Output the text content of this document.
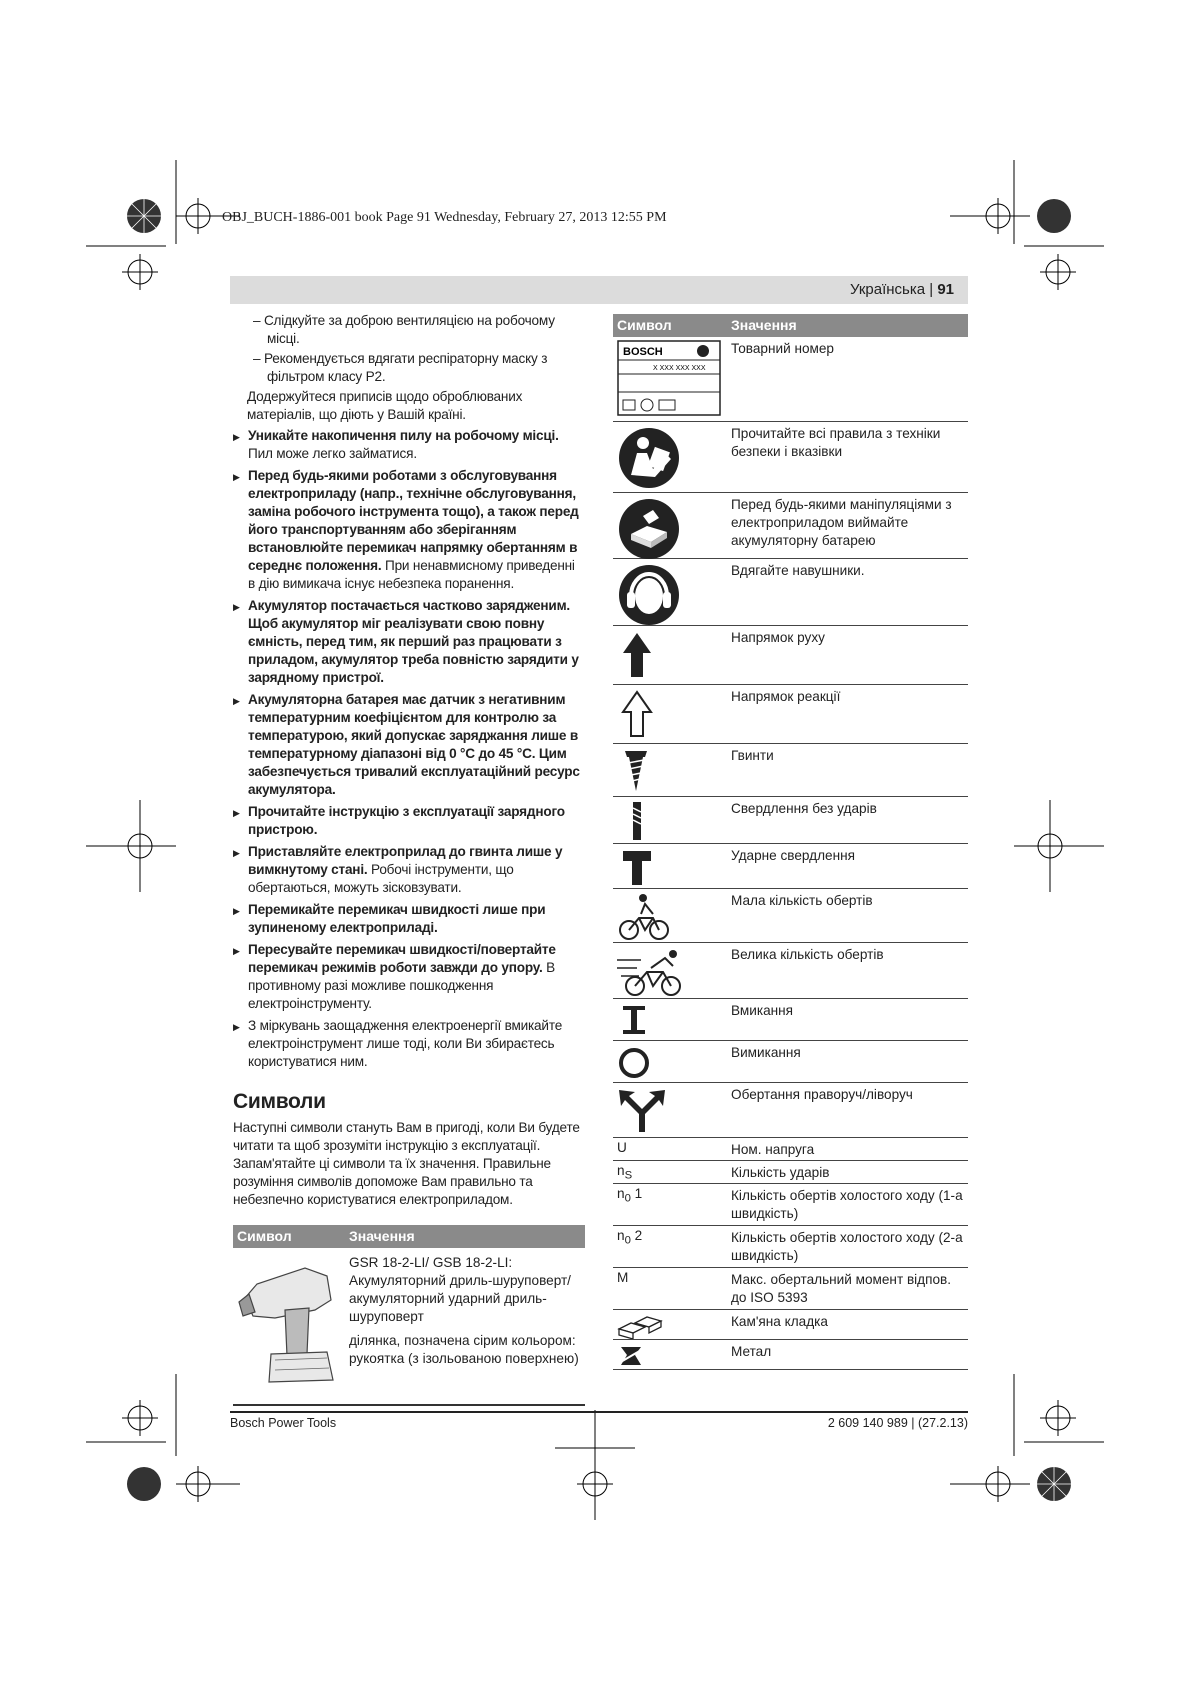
OBJ_BUCH-1886-001 book Page 91 Wednesday, February 27, 2013 12:55 PM
Українська | 91

– Слідкуйте за доброю вентиляцією на робочому місці.

– Рекомендується вдягати респіраторну маску з фільтром класу Р2.

Додержуйтеся приписів щодо оброблюваних матеріалів, що діють у Вашій країні.

▶ Уникайте накопичення пилу на робочому місці. Пил може легко займатися.

▶ Перед будь-якими роботами з обслуговування електроприладу (напр., технічне обслуговування, заміна робочого інструмента тощо), а також перед його транспортуванням або зберіганням встановлюйте перемикач напрямку обертанням в середнє положення. При ненавмисному приведенні в дію вимикача існує небезпека поранення.

▶ Акумулятор постачається частково зарядженим. Щоб акумулятор міг реалізувати свою повну ємність, перед тим, як перший раз працювати з приладом, акумулятор треба повністю зарядити у зарядному пристрої.

▶ Акумуляторна батарея має датчик з негативним температурним коефіцієнтом для контролю за температурою, який допускає заряджання лише в температурному діапазоні від 0 °C до 45 °C. Цим забезпечується тривалий експлуатаційний ресурс акумулятора.

▶ Прочитайте інструкцію з експлуатації зарядного пристрою.

▶ Приставляйте електроприлад до гвинта лише у вимкнутому стані. Робочі інструменти, що обертаються, можуть зісковзувати.

▶ Перемикайте перемикач швидкості лише при зупиненому електроприладі.

▶ Пересувайте перемикач швидкості/повертайте перемикач режимів роботи завжди до упору. В противному разі можливе пошкодження електроінструменту.

▶ З міркувань заощадження електроенергії вмикайте електроінструмент лише тоді, коли Ви збираєтесь користуватися ним.

Символи

Наступні символи стануть Вам в пригоді, коли Ви будете читати та щоб зрозуміти інструкцію з експлуатації. Запам'ятайте ці символи та їх значення. Правильне розуміння символів допоможе Вам правильно та небезпечно користуватися електроприладом.

Символ	Значення
GSR 18-2-LI/ GSB 18-2-LI: Акумуляторний дриль-шуруповерт/ акумуляторний ударний дриль-шуруповерт
ділянка, позначена сірим кольором: рукоятка (з ізольованою поверхнею)
Символ	Значення
BOSCH
X XXX XXX XXX
Товарний номер
Прочитайте всі правила з техніки безпеки і вказівки
Перед будь-якими маніпуляціями з електроприладом виймайте акумуляторну батарею
Вдягайте навушники.
Напрямок руху
Напрямок реакції
Гвинти
Свердлення без ударів
Ударне свердлення
Мала кількість обертів
Велика кількість обертів
Вмикання
Вимикання
Обертання праворуч/ліворуч
U	Ном. напруга
$n_S$	Кількість ударів
$n_0$ 1	Кількість обертів холостого ходу (1-а швидкість)
$n_0$ 2	Кількість обертів холостого ходу (2-а швидкість)
M	Макс. обертальний момент відпов. до ISO 5393
Кам'яна кладка
Метал
Bosch Power Tools	2 609 140 989 | (27.2.13)
